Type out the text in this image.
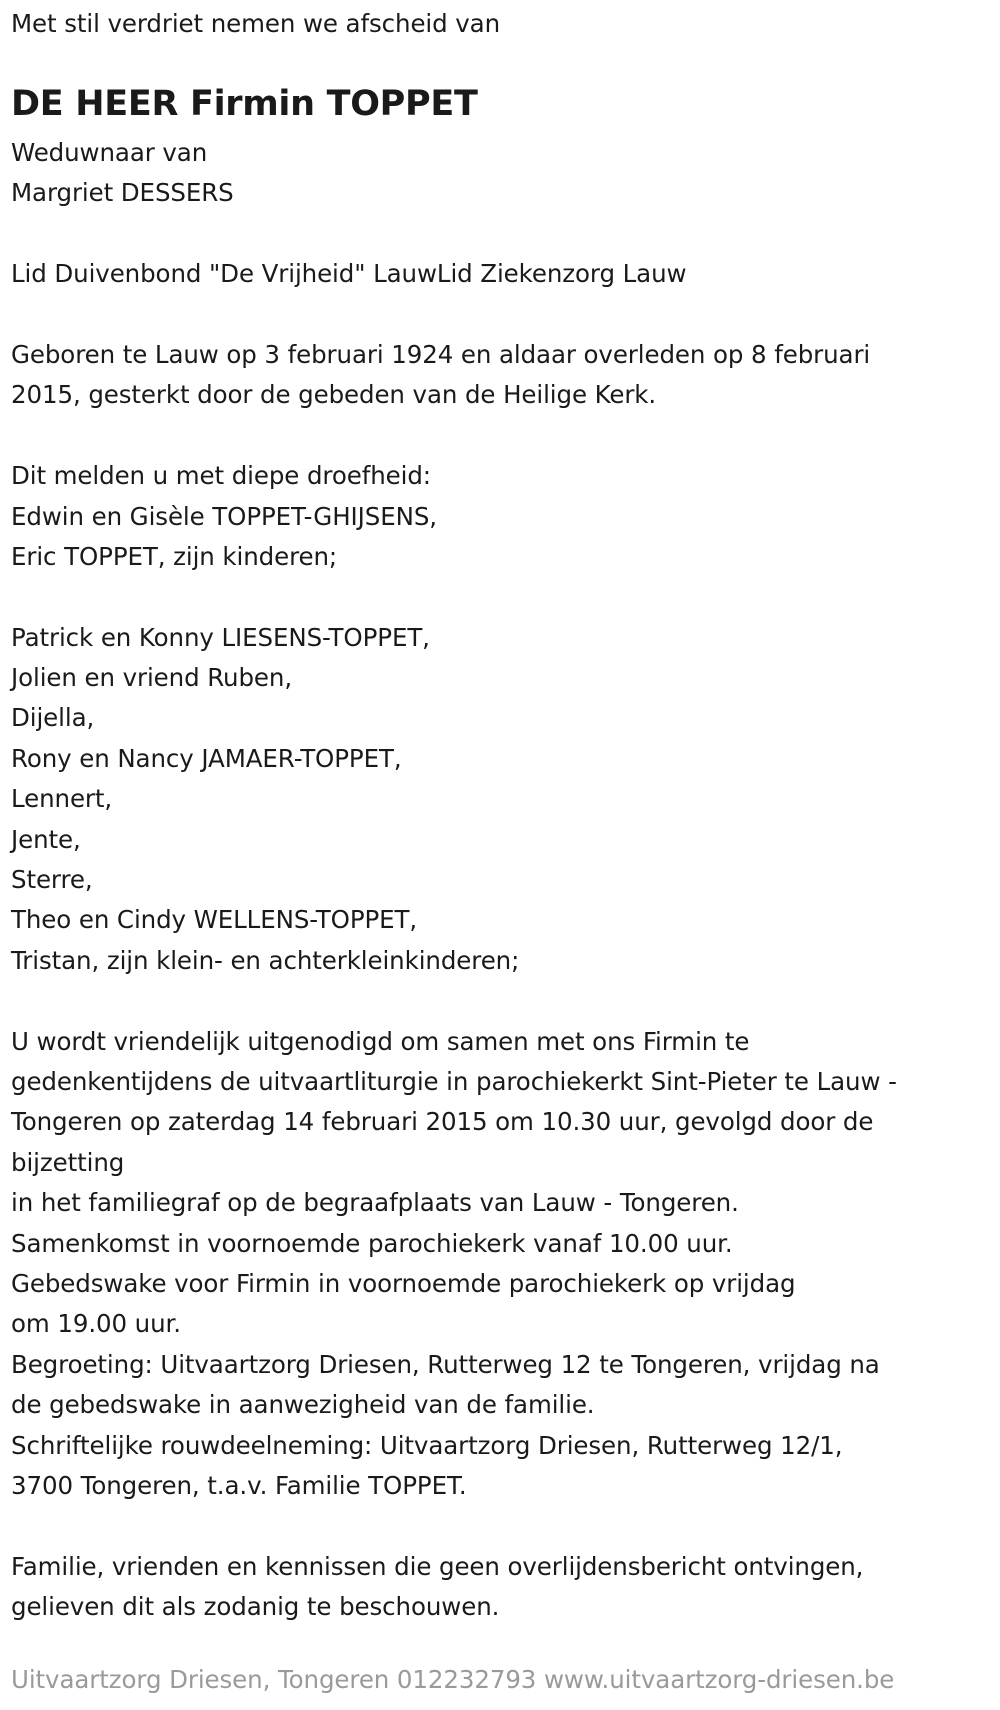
Met stil verdriet nemen we afscheid van
DE HEER Firmin TOPPET
Weduwnaar van
Margriet DESSERS
Lid Duivenbond "De Vrijheid" LauwLid Ziekenzorg Lauw
Geboren te Lauw op 3 februari 1924 en aldaar overleden op 8 februari
2015, gesterkt door de gebeden van de Heilige Kerk.
Dit melden u met diepe droefheid:
Edwin en Gisèle TOPPET-GHIJSENS,
Eric TOPPET, zijn kinderen;
Patrick en Konny LIESENS-TOPPET,
Jolien en vriend Ruben,
Dijella,
Rony en Nancy JAMAER-TOPPET,
Lennert,
Jente,
Sterre,
Theo en Cindy WELLENS-TOPPET,
Tristan, zijn klein- en achterkleinkinderen;
U wordt vriendelijk uitgenodigd om samen met ons Firmin te
gedenkentijdens de uitvaartliturgie in parochiekerkt Sint-Pieter te Lauw -
Tongeren op zaterdag 14 februari 2015 om 10.30 uur, gevolgd door de
bijzetting
in het familiegraf op de begraafplaats van Lauw - Tongeren.
Samenkomst in voornoemde parochiekerk vanaf 10.00 uur.
Gebedswake voor Firmin in voornoemde parochiekerk op vrijdag
om 19.00 uur.
Begroeting: Uitvaartzorg Driesen, Rutterweg 12 te Tongeren, vrijdag na
de gebedswake in aanwezigheid van de familie.
Schriftelijke rouwdeelneming: Uitvaartzorg Driesen, Rutterweg 12/1,
3700 Tongeren, t.a.v. Familie TOPPET.
Familie, vrienden en kennissen die geen overlijdensbericht ontvingen,
gelieven dit als zodanig te beschouwen.
Uitvaartzorg Driesen, Tongeren 012232793 www.uitvaartzorg-driesen.be
